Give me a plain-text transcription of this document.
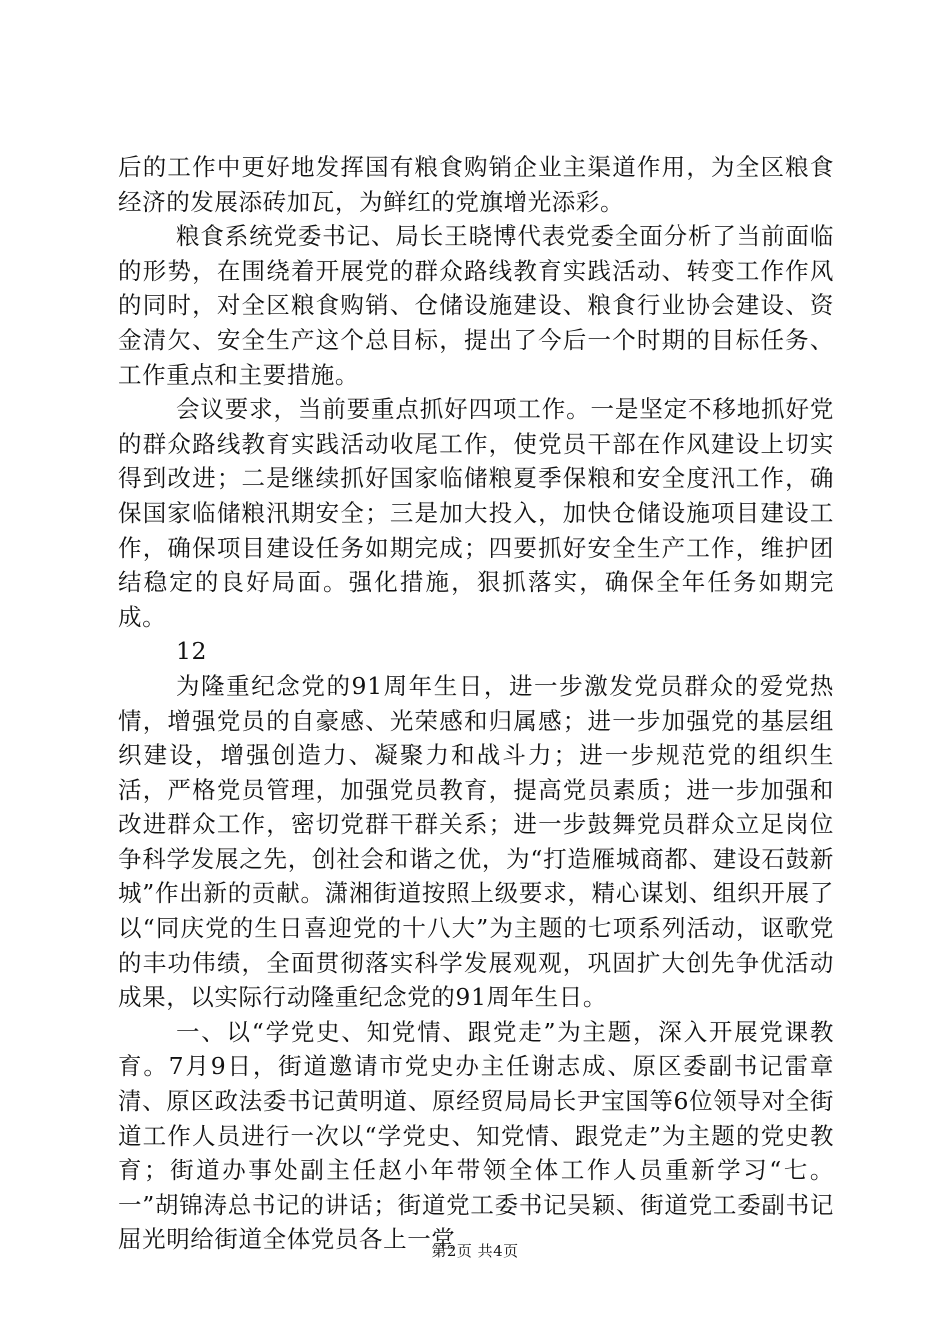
后的工作中更好地发挥国有粮食购销企业主渠道作用，为全区粮食经济的发展添砖加瓦，为鲜红的党旗增光添彩。

粮食系统党委书记、局长王晓博代表党委全面分析了当前面临的形势，在围绕着开展党的群众路线教育实践活动、转变工作作风的同时，对全区粮食购销、仓储设施建设、粮食行业协会建设、资金清欠、安全生产这个总目标，提出了今后一个时期的目标任务、工作重点和主要措施。

会议要求，当前要重点抓好四项工作。一是坚定不移地抓好党的群众路线教育实践活动收尾工作，使党员干部在作风建设上切实得到改进；二是继续抓好国家临储粮夏季保粮和安全度汛工作，确保国家临储粮汛期安全；三是加大投入，加快仓储设施项目建设工作，确保项目建设任务如期完成；四要抓好安全生产工作，维护团结稳定的良好局面。强化措施，狠抓落实，确保全年任务如期完成。

12

为隆重纪念党的91周年生日，进一步激发党员群众的爱党热情，增强党员的自豪感、光荣感和归属感；进一步加强党的基层组织建设，增强创造力、凝聚力和战斗力；进一步规范党的组织生活，严格党员管理，加强党员教育，提高党员素质；进一步加强和改进群众工作，密切党群干群关系；进一步鼓舞党员群众立足岗位争科学发展之先，创社会和谐之优，为“打造雁城商都、建设石鼓新城”作出新的贡献。潇湘街道按照上级要求，精心谋划、组织开展了以“同庆党的生日喜迎党的十八大”为主题的七项系列活动，讴歌党的丰功伟绩，全面贯彻落实科学发展观观，巩固扩大创先争优活动成果，以实际行动隆重纪念党的91周年生日。

一、以“学党史、知党情、跟党走”为主题，深入开展党课教育。7月9日，街道邀请市党史办主任谢志成、原区委副书记雷章清、原区政法委书记黄明道、原经贸局局长尹宝国等6位领导对全街道工作人员进行一次以“学党史、知党情、跟党走”为主题的党史教育；街道办事处副主任赵小年带领全体工作人员重新学习“七。一”胡锦涛总书记的讲话；街道党工委书记吴颖、街道党工委副书记屈光明给街道全体党员各上一堂

第2页 共4页
